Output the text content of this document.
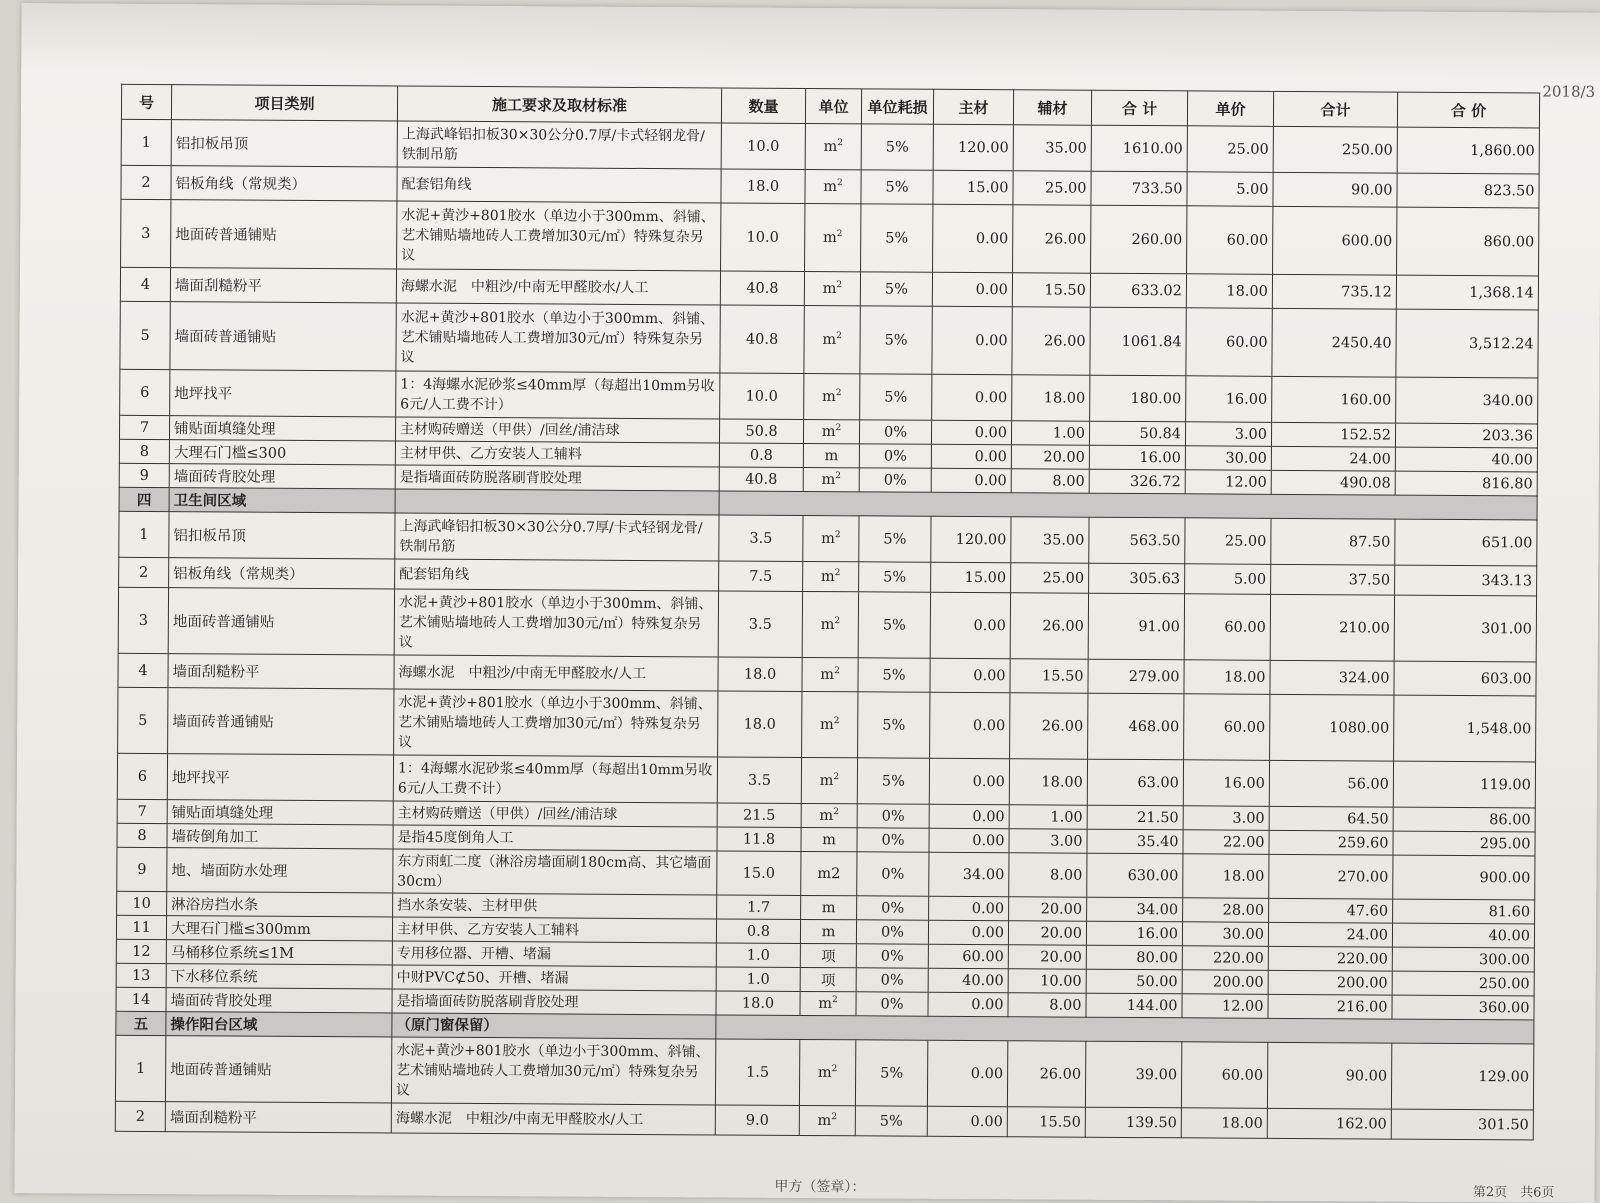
2018/3
号	项目类别	施工要求及取材标准	数量	单位	单位耗损	主材	辅材	合 计	单价	合计	合 价
1	铝扣板吊顶	上海武峰铝扣板30×30公分0.7厚/卡式轻钢龙骨/铁制吊筋	10.0	$m^2$	5%	120.00	35.00	1610.00	25.00	250.00	1,860.00
2	铝板角线（常规类）	配套铝角线	18.0	$m^2$	5%	15.00	25.00	733.50	5.00	90.00	823.50
3	地面砖普通铺贴	水泥+黄沙+801胶水（单边小于300mm、斜铺、艺术铺贴墙地砖人工费增加30元/㎡）特殊复杂另议	10.0	$m^2$	5%	0.00	26.00	260.00	60.00	600.00	860.00
4	墙面刮糙粉平	海螺水泥　中粗沙/中南无甲醛胶水/人工	40.8	$m^2$	5%	0.00	15.50	633.02	18.00	735.12	1,368.14
5	墙面砖普通铺贴	水泥+黄沙+801胶水（单边小于300mm、斜铺、艺术铺贴墙地砖人工费增加30元/㎡）特殊复杂另议	40.8	$m^2$	5%	0.00	26.00	1061.84	60.00	2450.40	3,512.24
6	地坪找平	1：4海螺水泥砂浆≤40mm厚（每超出10mm另收6元/人工费不计）	10.0	$m^2$	5%	0.00	18.00	180.00	16.00	160.00	340.00
7	铺贴面填缝处理	主材购砖赠送（甲供）/回丝/浦洁球	50.8	$m^2$	0%	0.00	1.00	50.84	3.00	152.52	203.36
8	大理石门槛≤300	主材甲供、乙方安装人工辅料	0.8	m	0%	0.00	20.00	16.00	30.00	24.00	40.00
9	墙面砖背胶处理	是指墙面砖防脱落刷背胶处理	40.8	$m^2$	0%	0.00	8.00	326.72	12.00	490.08	816.80
四	卫生间区域										
1	铝扣板吊顶	上海武峰铝扣板30×30公分0.7厚/卡式轻钢龙骨/铁制吊筋	3.5	$m^2$	5%	120.00	35.00	563.50	25.00	87.50	651.00
2	铝板角线（常规类）	配套铝角线	7.5	$m^2$	5%	15.00	25.00	305.63	5.00	37.50	343.13
3	地面砖普通铺贴	水泥+黄沙+801胶水（单边小于300mm、斜铺、艺术铺贴墙地砖人工费增加30元/㎡）特殊复杂另议	3.5	$m^2$	5%	0.00	26.00	91.00	60.00	210.00	301.00
4	墙面刮糙粉平	海螺水泥　中粗沙/中南无甲醛胶水/人工	18.0	$m^2$	5%	0.00	15.50	279.00	18.00	324.00	603.00
5	墙面砖普通铺贴	水泥+黄沙+801胶水（单边小于300mm、斜铺、艺术铺贴墙地砖人工费增加30元/㎡）特殊复杂另议	18.0	$m^2$	5%	0.00	26.00	468.00	60.00	1080.00	1,548.00
6	地坪找平	1：4海螺水泥砂浆≤40mm厚（每超出10mm另收6元/人工费不计）	3.5	$m^2$	5%	0.00	18.00	63.00	16.00	56.00	119.00
7	铺贴面填缝处理	主材购砖赠送（甲供）/回丝/浦洁球	21.5	$m^2$	0%	0.00	1.00	21.50	3.00	64.50	86.00
8	墙砖倒角加工	是指45度倒角人工	11.8	m	0%	0.00	3.00	35.40	22.00	259.60	295.00
9	地、墙面防水处理	东方雨虹二度（淋浴房墙面刷180cm高、其它墙面30cm）	15.0	m2	0%	34.00	8.00	630.00	18.00	270.00	900.00
10	淋浴房挡水条	挡水条安装、主材甲供	1.7	m	0%	0.00	20.00	34.00	28.00	47.60	81.60
11	大理石门槛≤300mm	主材甲供、乙方安装人工辅料	0.8	m	0%	0.00	20.00	16.00	30.00	24.00	40.00
12	马桶移位系统≤1M	专用移位器、开槽、堵漏	1.0	项	0%	60.00	20.00	80.00	220.00	220.00	300.00
13	下水移位系统	中财PVC⊄50、开槽、堵漏	1.0	项	0%	40.00	10.00	50.00	200.00	200.00	250.00
14	墙面砖背胶处理	是指墙面砖防脱落刷背胶处理	18.0	$m^2$	0%	0.00	8.00	144.00	12.00	216.00	360.00
五	操作阳台区域	（原门窗保留）									
1	地面砖普通铺贴	水泥+黄沙+801胶水（单边小于300mm、斜铺、艺术铺贴墙地砖人工费增加30元/㎡）特殊复杂另议	1.5	$m^2$	5%	0.00	26.00	39.00	60.00	90.00	129.00
2	墙面刮糙粉平	海螺水泥　中粗沙/中南无甲醛胶水/人工	9.0	$m^2$	5%	0.00	15.50	139.50	18.00	162.00	301.50
甲方（签章）：	第2页　共6页
